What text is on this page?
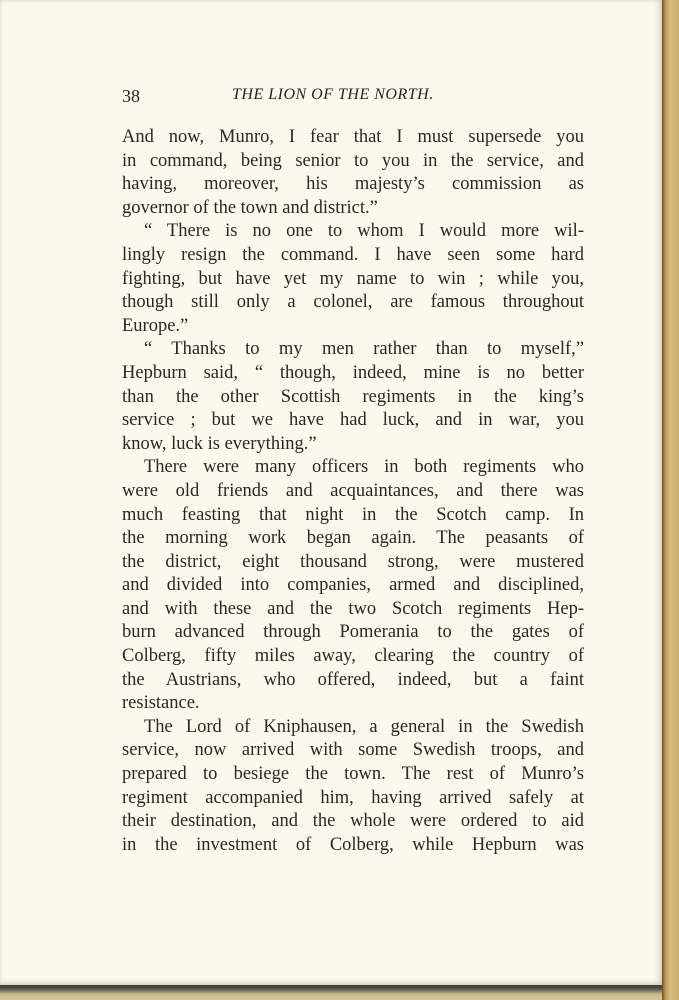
38	THE LION OF THE NORTH.
And now, Munro, I fear that I must supersede you
in command, being senior to you in the service, and
having, moreover, his majesty’s commission as
governor of the town and district.”
“ There is no one to whom I would more wil-
lingly resign the command. I have seen some hard
fighting, but have yet my name to win ; while you,
though still only a colonel, are famous throughout
Europe.”
“ Thanks to my men rather than to myself,”
Hepburn said, “ though, indeed, mine is no better
than the other Scottish regiments in the king’s
service ; but we have had luck, and in war, you
know, luck is everything.”
There were many officers in both regiments who
were old friends and acquaintances, and there was
much feasting that night in the Scotch camp. In
the morning work began again. The peasants of
the district, eight thousand strong, were mustered
and divided into companies, armed and disciplined,
and with these and the two Scotch regiments Hep-
burn advanced through Pomerania to the gates of
Colberg, fifty miles away, clearing the country of
the Austrians, who offered, indeed, but a faint
resistance.
The Lord of Kniphausen, a general in the Swedish
service, now arrived with some Swedish troops, and
prepared to besiege the town. The rest of Munro’s
regiment accompanied him, having arrived safely at
their destination, and the whole were ordered to aid
in the investment of Colberg, while Hepburn was
